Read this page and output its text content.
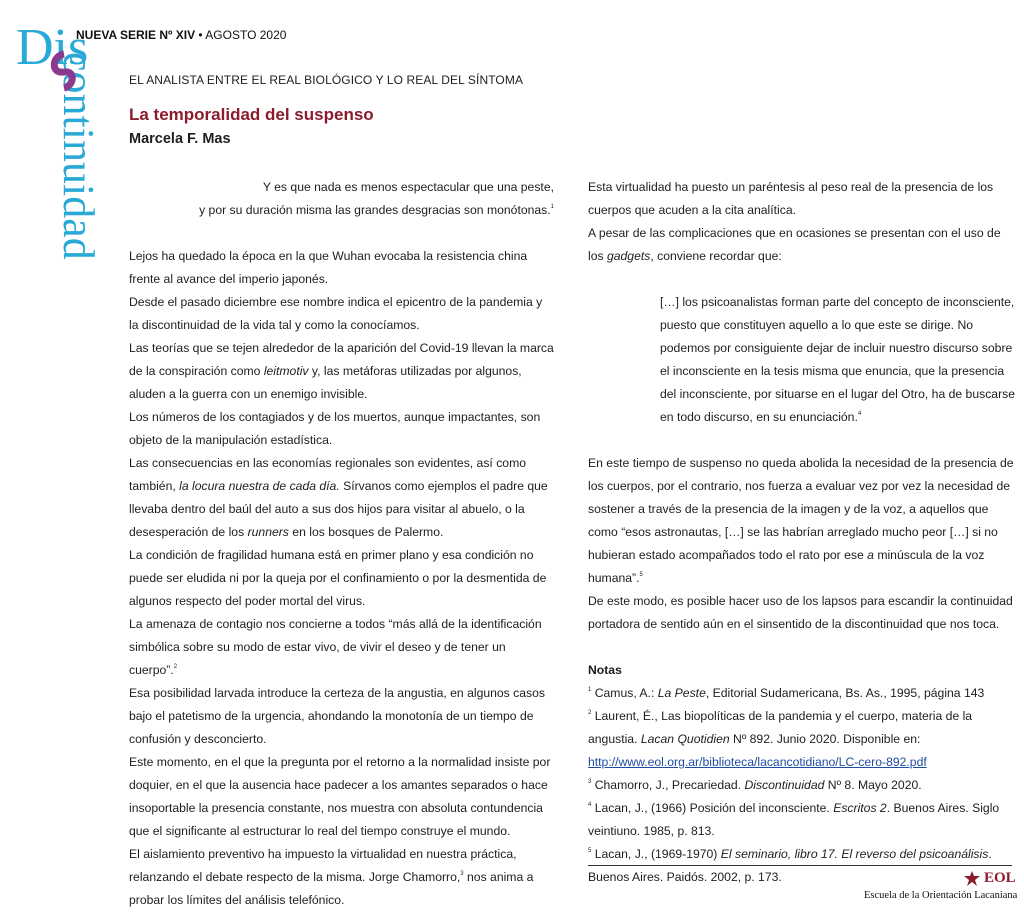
Dis
continuidad
NUEVA SERIE Nº XIV • AGOSTO 2020
EL ANALISTA ENTRE EL REAL BIOLÓGICO Y LO REAL DEL SÍNTOMA
La temporalidad del suspenso
Marcela F. Mas

Y es que nada es menos espectacular que una peste,
y por su duración misma las grandes desgracias son monótonas.$^1$

Lejos ha quedado la época en la que Wuhan evocaba la resistencia china frente al avance del imperio japonés.

Desde el pasado diciembre ese nombre indica el epicentro de la pandemia y la discontinuidad de la vida tal y como la conocíamos.

Las teorías que se tejen alrededor de la aparición del Covid-19 llevan la marca de la conspiración como leitmotiv y, las metáforas utilizadas por algunos, aluden a la guerra con un enemigo invisible.

Los números de los contagiados y de los muertos, aunque impactantes, son objeto de la manipulación estadística.

Las consecuencias en las economías regionales son evidentes, así como también, la locura nuestra de cada día. Sírvanos como ejemplos el padre que llevaba dentro del baúl del auto a sus dos hijos para visitar al abuelo, o la desesperación de los runners en los bosques de Palermo.

La condición de fragilidad humana está en primer plano y esa condición no puede ser eludida ni por la queja por el confinamiento o por la desmentida de algunos respecto del poder mortal del virus.

La amenaza de contagio nos concierne a todos “más allá de la identificación simbólica sobre su modo de estar vivo, de vivir el deseo y de tener un cuerpo”.$^2$

Esa posibilidad larvada introduce la certeza de la angustia, en algunos casos bajo el patetismo de la urgencia, ahondando la monotonía de un tiempo de confusión y desconcierto.

Este momento, en el que la pregunta por el retorno a la normalidad insiste por doquier, en el que la ausencia hace padecer a los amantes separados o hace insoportable la presencia constante, nos muestra con absoluta contundencia que el significante al estructurar lo real del tiempo construye el mundo.

El aislamiento preventivo ha impuesto la virtualidad en nuestra práctica, relanzando el debate respecto de la misma. Jorge Chamorro,$^3$ nos anima a probar los límites del análisis telefónico.

Esta virtualidad ha puesto un paréntesis al peso real de la presencia de los cuerpos que acuden a la cita analítica.

A pesar de las complicaciones que en ocasiones se presentan con el uso de los gadgets, conviene recordar que:

[…] los psicoanalistas forman parte del concepto de inconsciente, puesto que constituyen aquello a lo que este se dirige. No podemos por consiguiente dejar de incluir nuestro discurso sobre el inconsciente en la tesis misma que enuncia, que la presencia del inconsciente, por situarse en el lugar del Otro, ha de buscarse en todo discurso, en su enunciación.$^4$

En este tiempo de suspenso no queda abolida la necesidad de la presencia de los cuerpos, por el contrario, nos fuerza a evaluar vez por vez la necesidad de sostener a través de la presencia de la imagen y de la voz, a aquellos que como “esos astronautas, […] se las habrían arreglado mucho peor […] si no hubieran estado acompañados todo el rato por ese a minúscula de la voz humana”.$^5$

De este modo, es posible hacer uso de los lapsos para escandir la continuidad portadora de sentido aún en el sinsentido de la discontinuidad que nos toca.

Notas

$^1$ Camus, A.: La Peste, Editorial Sudamericana, Bs. As., 1995, página 143

$^2$ Laurent, É., Las biopolíticas de la pandemia y el cuerpo, materia de la angustia. Lacan Quotidien Nº 892. Junio 2020. Disponible en:
http://www.eol.org.ar/biblioteca/lacancotidiano/LC-cero-892.pdf

$^3$ Chamorro, J., Precariedad. Discontinuidad Nº 8. Mayo 2020.

$^4$ Lacan, J., (1966) Posición del inconsciente. Escritos 2. Buenos Aires. Siglo veintiuno. 1985, p. 813.

$^5$ Lacan, J., (1969-1970) El seminario, libro 17. El reverso del psicoanálisis. Buenos Aires. Paidós. 2002, p. 173.	EOL
Escuela de la Orientación Lacaniana
